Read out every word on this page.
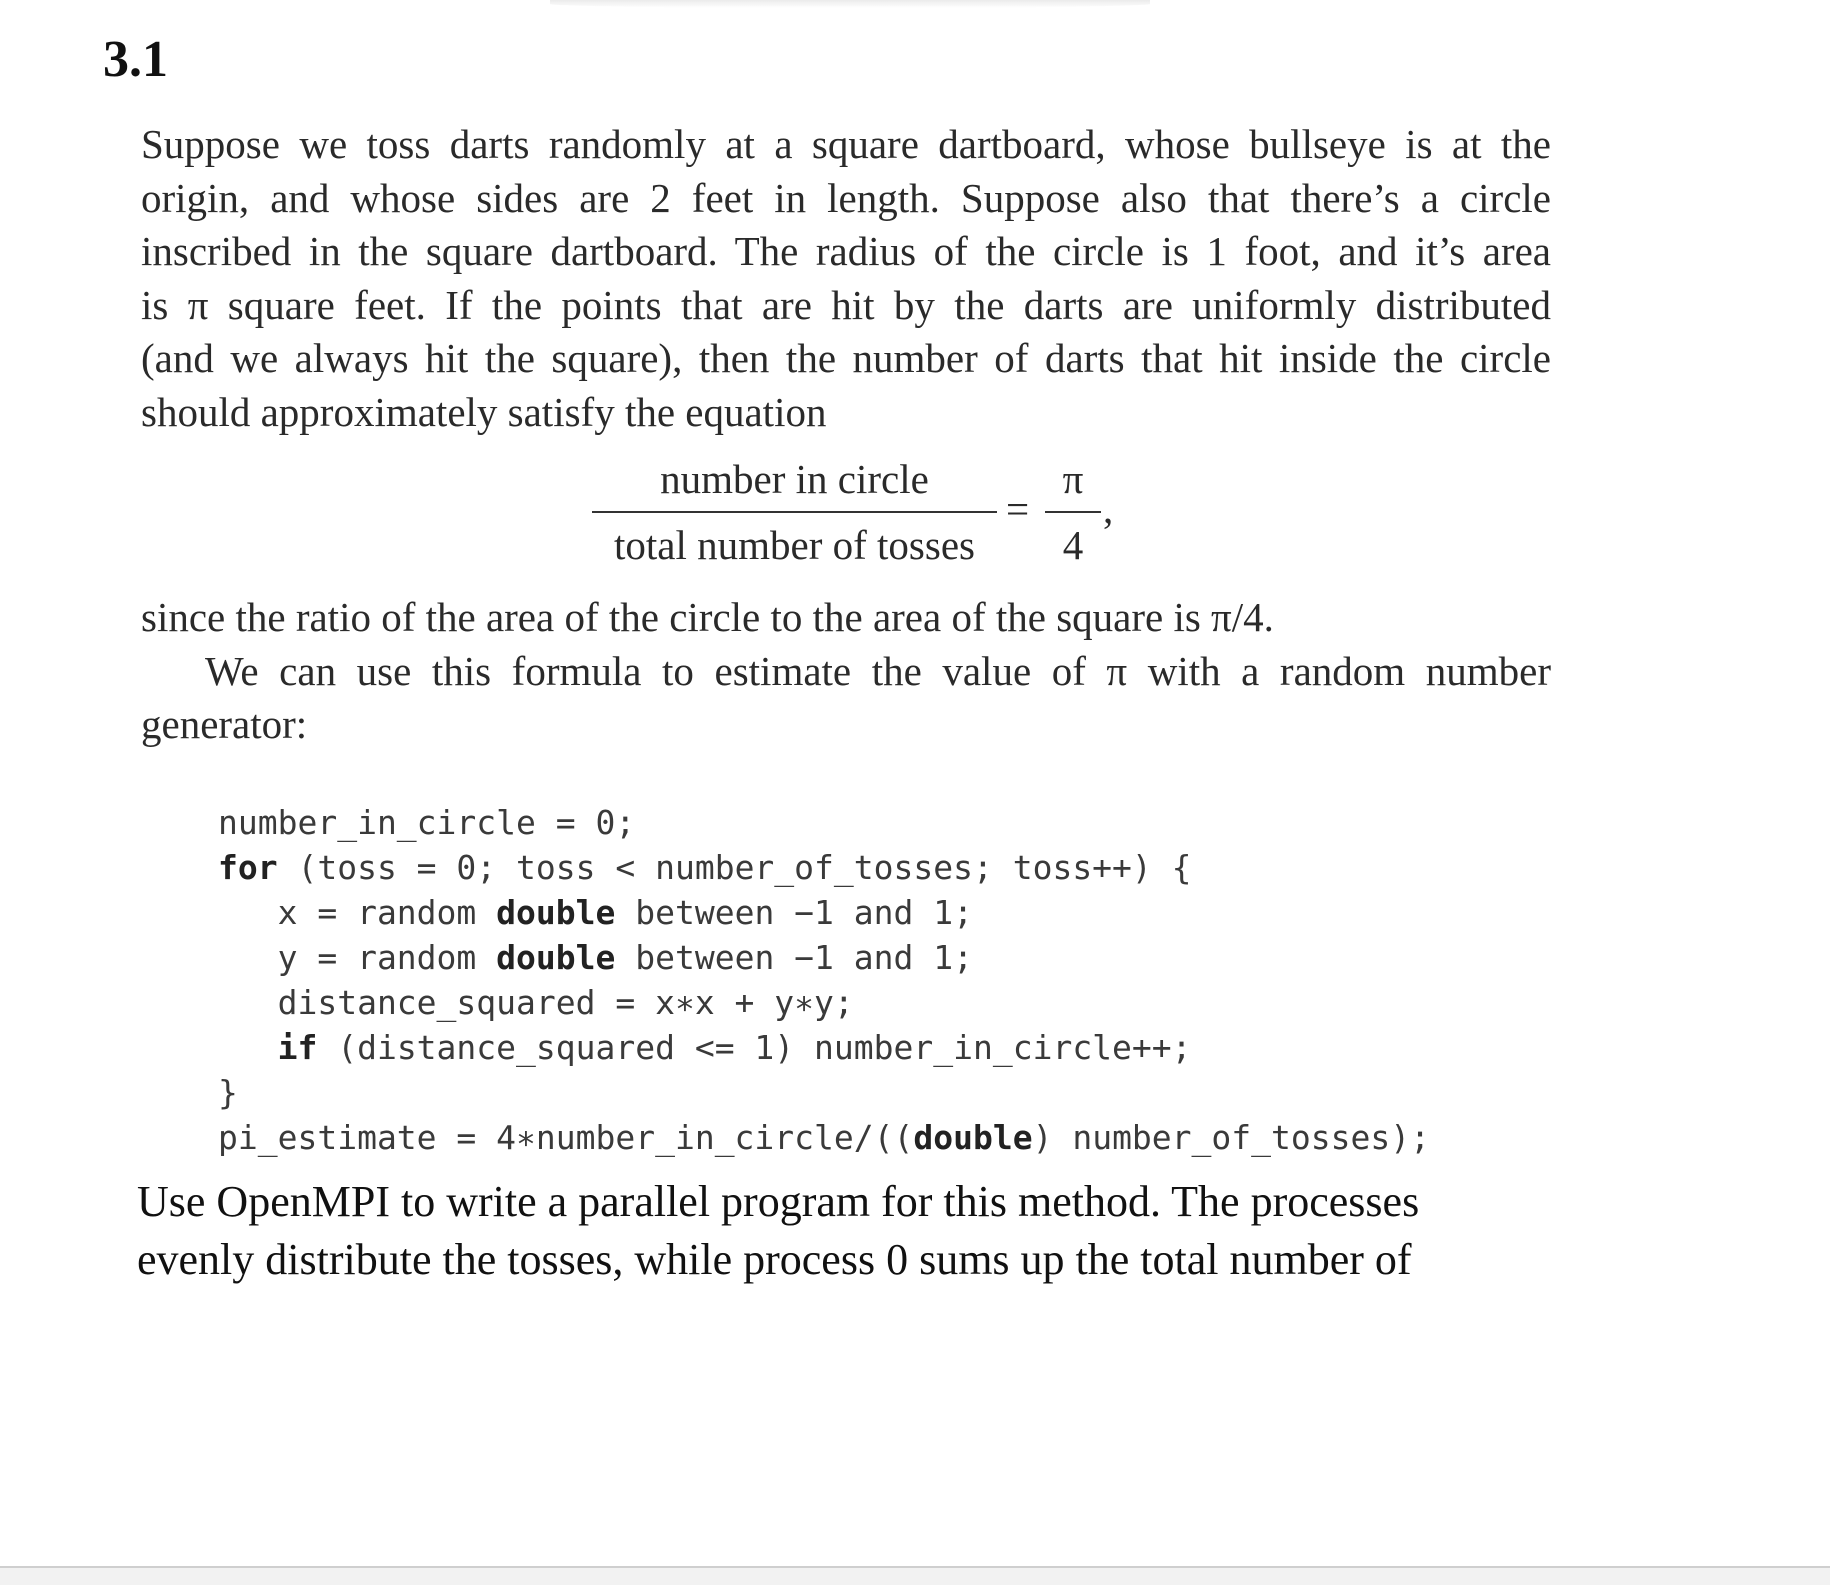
3.1

Suppose we toss darts randomly at a square dartboard, whose bullseye is at the
origin, and whose sides are 2 feet in length. Suppose also that there’s a circle
inscribed in the square dartboard. The radius of the circle is 1 foot, and it’s area
is π square feet. If the points that are hit by the darts are uniformly distributed
(and we always hit the square), then the number of darts that hit inside the circle
should approximately satisfy the equation

number in circle
total number of tosses
=
π
4
,

since the ratio of the area of the circle to the area of the square is π/4.

We can use this formula to estimate the value of π with a random number
generator:

number_in_circle = 0;
for (toss = 0; toss < number_of_tosses; toss++) {
x = random double between −1 and 1;
y = random double between −1 and 1;
distance_squared = x∗x + y∗y;
if (distance_squared <= 1) number_in_circle++;
}
pi_estimate = 4∗number_in_circle/((double) number_of_tosses);

Use OpenMPI to write a parallel program for this method. The processes
evenly distribute the tosses, while process 0 sums up the total number of
